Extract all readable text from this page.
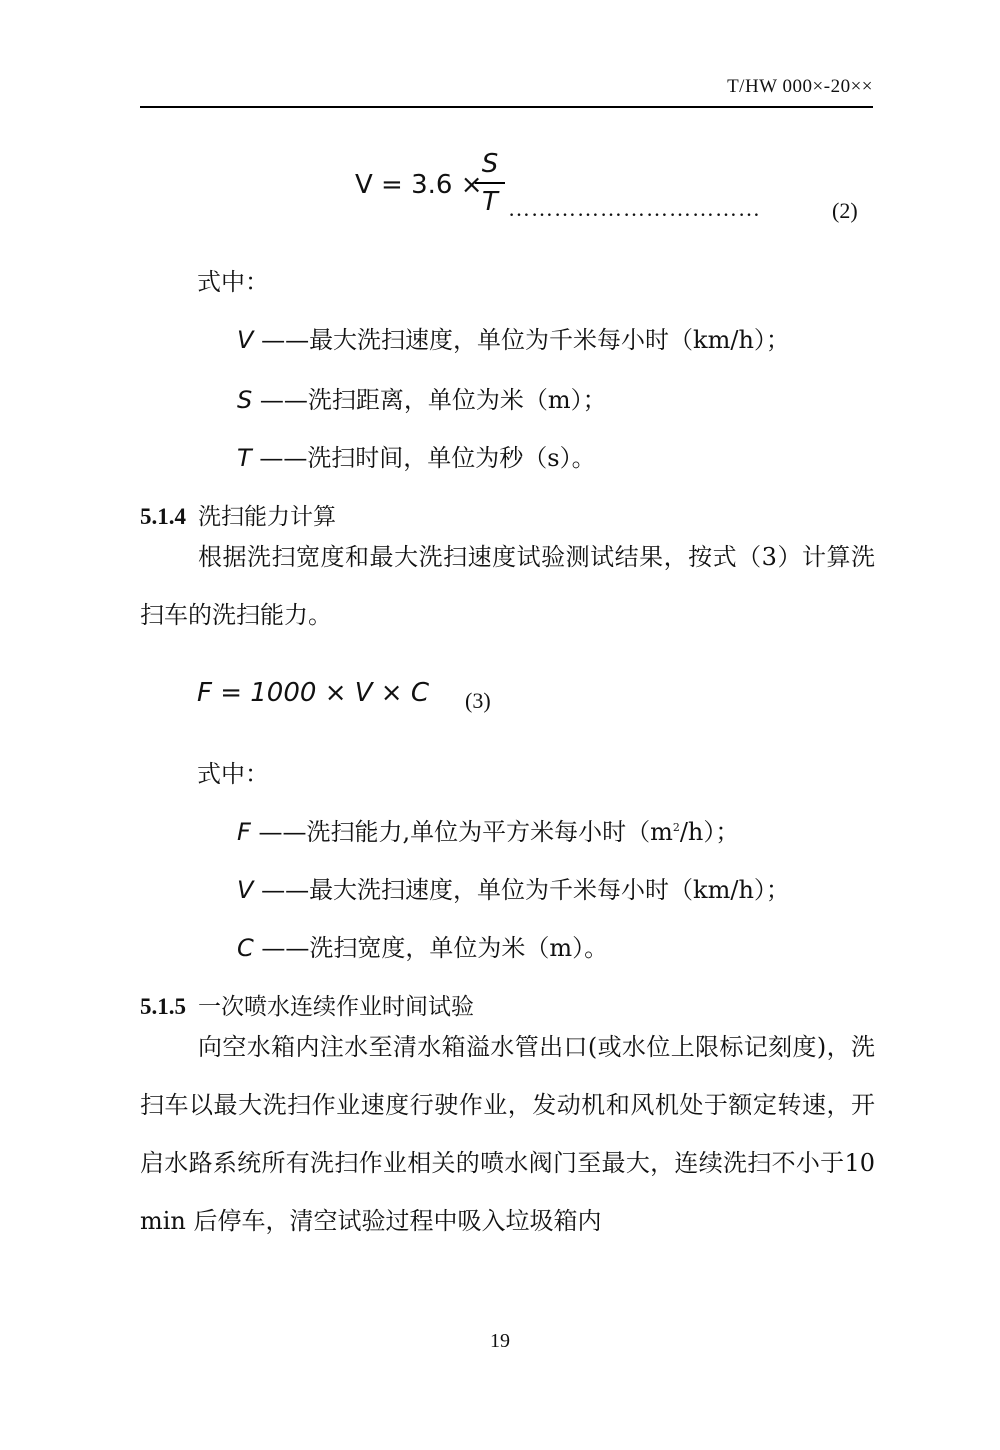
T/HW 000×-20××
V = 3.6 ×
S
T ……………………………	(2)
式中：
V ——最大洗扫速度，单位为千米每小时（km/h）；
S ——洗扫距离，单位为米（m）；
T ——洗扫时间，单位为秒（s）。
5.1.4 洗扫能力计算

根据洗扫宽度和最大洗扫速度试验测试结果，按式（3）计算洗扫车的洗扫能力。

F = 1000 × V × C (3)
式中：
F ——洗扫能力,单位为平方米每小时$(m^2/h)$；
V ——最大洗扫速度，单位为千米每小时（km/h）；
C ——洗扫宽度，单位为米（m）。
5.1.5 一次喷水连续作业时间试验

向空水箱内注水至清水箱溢水管出口(或水位上限标记刻度)，洗扫车以最大洗扫作业速度行驶作业，发动机和风机处于额定转速，开启水路系统所有洗扫作业相关的喷水阀门至最大，连续洗扫不小于10 min 后停车，清空试验过程中吸入垃圾箱内

19
